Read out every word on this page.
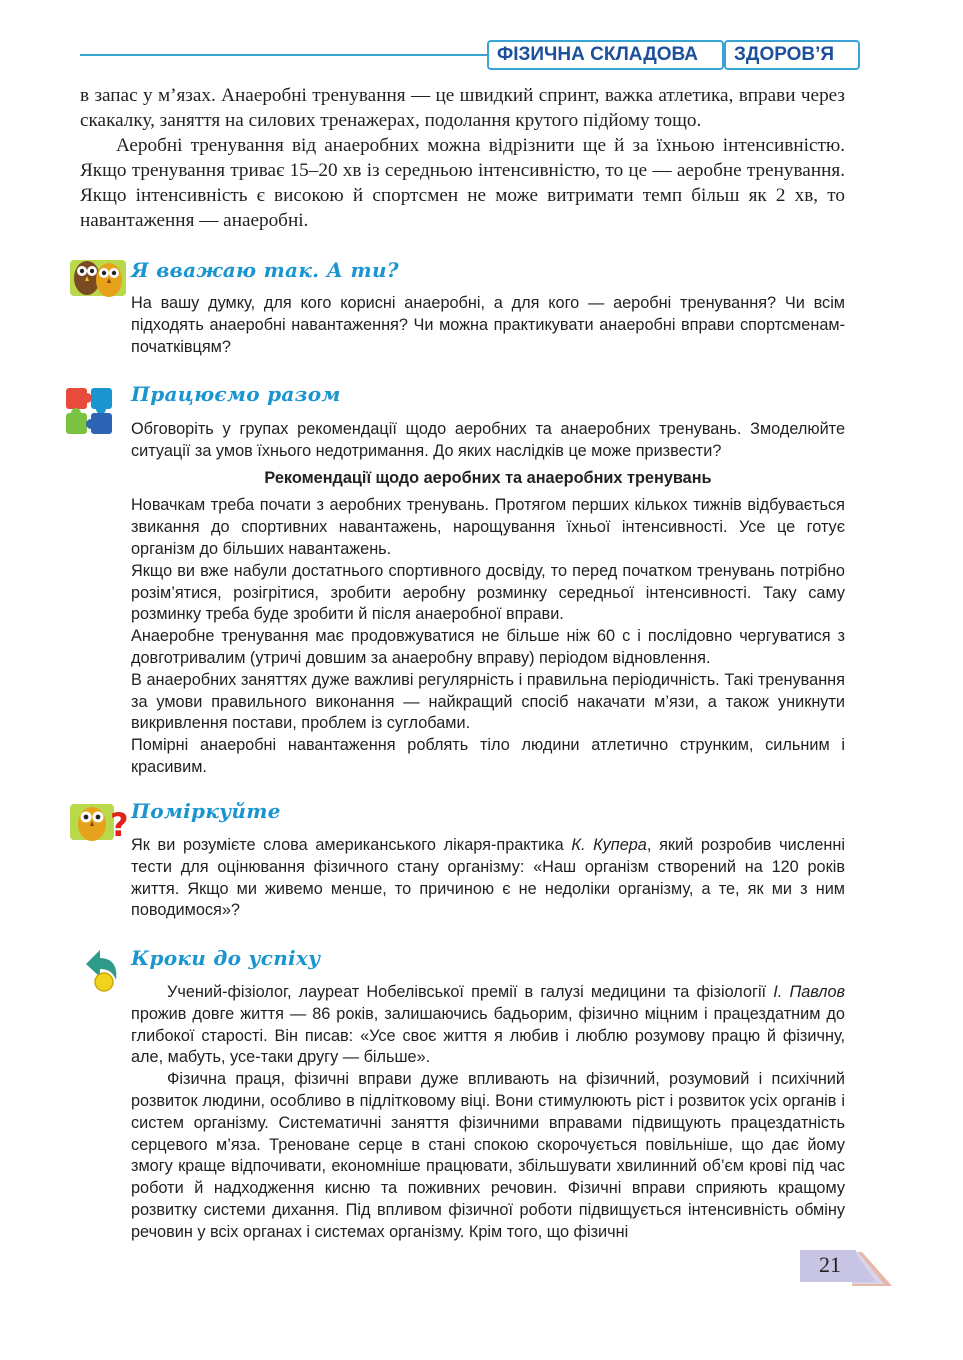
ФІЗИЧНА СКЛАДОВА	ЗДОРОВ’Я

в запас у м’язах. Анаеробні тренування — це швидкий спринт, важка атлетика, вправи через скакалку, заняття на силових тренажерах, подолання крутого підйому тощо.

Аеробні тренування від анаеробних можна відрізнити ще й за їхньою інтенсивністю. Якщо тренування триває 15–20 хв із середньою інтенсивністю, то це — аеробне тренування. Якщо інтенсивність є високою й спортсмен не може витримати темп більш як 2 хв, то навантаження — анаеробні.

Я вважаю так. А ти?

На вашу думку, для кого корисні анаеробні, а для кого — аеробні тренування? Чи всім підходять анаеробні навантаження? Чи можна практикувати анаеробні вправи спортсменам-початківцям?

Працюємо разом

Обговоріть у групах рекомендації щодо аеробних та анаеробних тренувань. Змоделюйте ситуації за умов їхнього недотримання. До яких наслідків це може призвести?

Рекомендації щодо аеробних та анаеробних тренувань

Новачкам треба почати з аеробних тренувань. Протягом перших кількох тижнів відбувається звикання до спортивних навантажень, нарощування їхньої інтенсивності. Усе це готує організм до більших навантажень.

Якщо ви вже набули достатнього спортивного досвіду, то перед початком тренувань потрібно розім’ятися, розігрітися, зробити аеробну розминку середньої інтенсивності. Таку саму розминку треба буде зробити й після анаеробної вправи.

Анаеробне тренування має продовжуватися не більше ніж 60 с і послідовно чергуватися з довготривалим (утричі довшим за анаеробну вправу) періодом відновлення.

В анаеробних заняттях дуже важливі регулярність і правильна періодичність. Такі тренування за умови правильного виконання — найкращий спосіб накачати м’язи, а також уникнути викривлення постави, проблем із суглобами.

Помірні анаеробні навантаження роблять тіло людини атлетично струнким, сильним і красивим.

? Поміркуйте

Як ви розумієте слова американського лікаря-практика К. Купера, який розробив численні тести для оцінювання фізичного стану організму: «Наш організм створений на 120 років життя. Якщо ми живемо менше, то причиною є не недоліки організму, а те, як ми з ним поводимося»?

Кроки до успіху

Учений-фізіолог, лауреат Нобелівської премії в галузі медицини та фізіології І. Павлов прожив довге життя — 86 років, залишаючись бадьорим, фізично міцним і працездатним до глибокої старості. Він писав: «Усе своє життя я любив і люблю розумову працю й фізичну, але, мабуть, усе-таки другу — більше».

Фізична праця, фізичні вправи дуже впливають на фізичний, розумовий і психічний розвиток людини, особливо в підлітковому віці. Вони стимулюють ріст і розвиток усіх органів і систем організму. Систематичні заняття фізичними вправами підвищують працездатність серцевого м’яза. Треноване серце в стані спокою скорочується повільніше, що дає йому змогу краще відпочивати, економніше працювати, збільшувати хвилинний об’єм крові під час роботи й надходження кисню та поживних речовин. Фізичні вправи сприяють кращому розвитку системи дихання. Під впливом фізичної роботи підвищується інтенсивність обміну речовин у всіх органах і системах організму. Крім того, що фізичні

21
